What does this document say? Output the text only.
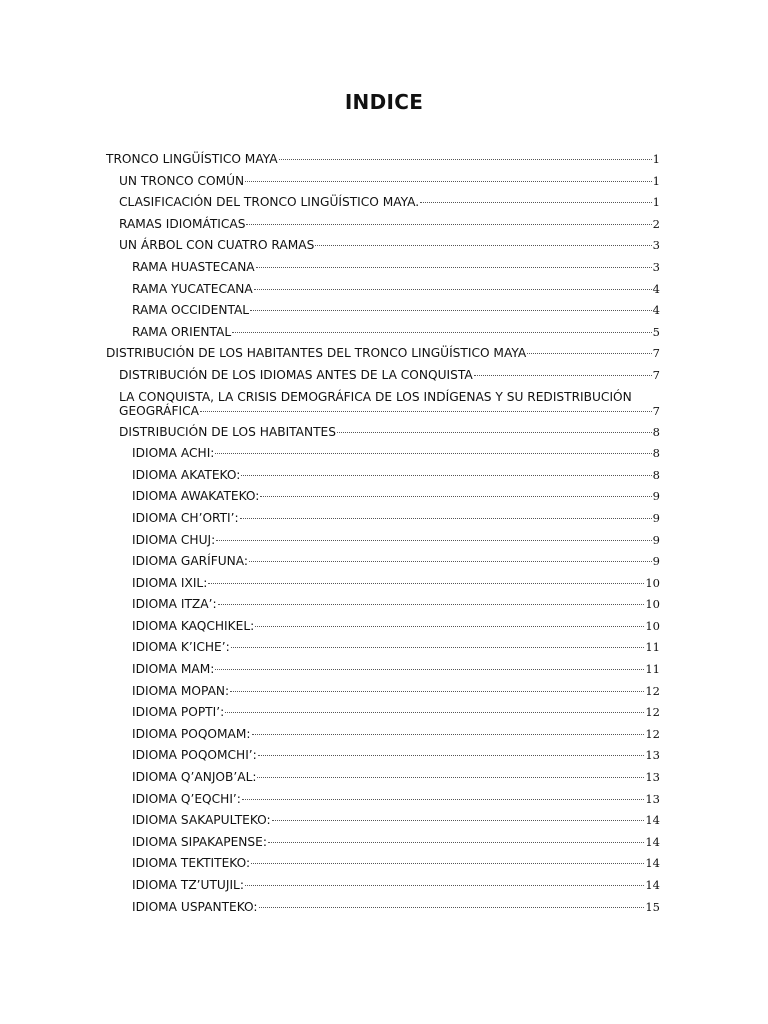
INDICE
TRONCO LINGÜÍSTICO MAYA	1
UN TRONCO COMÚN	1
CLASIFICACIÓN DEL TRONCO LINGÜÍSTICO MAYA.	1
RAMAS IDIOMÁTICAS	2
UN ÁRBOL CON CUATRO RAMAS	3
RAMA HUASTECANA	3
RAMA YUCATECANA	4
RAMA OCCIDENTAL	4
RAMA ORIENTAL	5
DISTRIBUCIÓN DE LOS HABITANTES DEL TRONCO LINGÜÍSTICO MAYA	7
DISTRIBUCIÓN DE LOS IDIOMAS ANTES DE LA CONQUISTA	7
LA CONQUISTA, LA CRISIS DEMOGRÁFICA DE LOS INDÍGENAS Y SU REDISTRIBUCIÓN
GEOGRÁFICA	7
DISTRIBUCIÓN DE LOS HABITANTES	8
IDIOMA ACHI:	8
IDIOMA AKATEKO:	8
IDIOMA AWAKATEKO:	9
IDIOMA CH’ORTI’:	9
IDIOMA CHUJ:	9
IDIOMA GARÍFUNA:	9
IDIOMA IXIL:	10
IDIOMA ITZA’:	10
IDIOMA KAQCHIKEL:	10
IDIOMA K’ICHE’:	11
IDIOMA MAM:	11
IDIOMA MOPAN:	12
IDIOMA POPTI’:	12
IDIOMA POQOMAM:	12
IDIOMA POQOMCHI’:	13
IDIOMA Q’ANJOB’AL:	13
IDIOMA Q’EQCHI’:	13
IDIOMA SAKAPULTEKO:	14
IDIOMA SIPAKAPENSE:	14
IDIOMA TEKTITEKO:	14
IDIOMA TZ’UTUJIL:	14
IDIOMA USPANTEKO:	15
